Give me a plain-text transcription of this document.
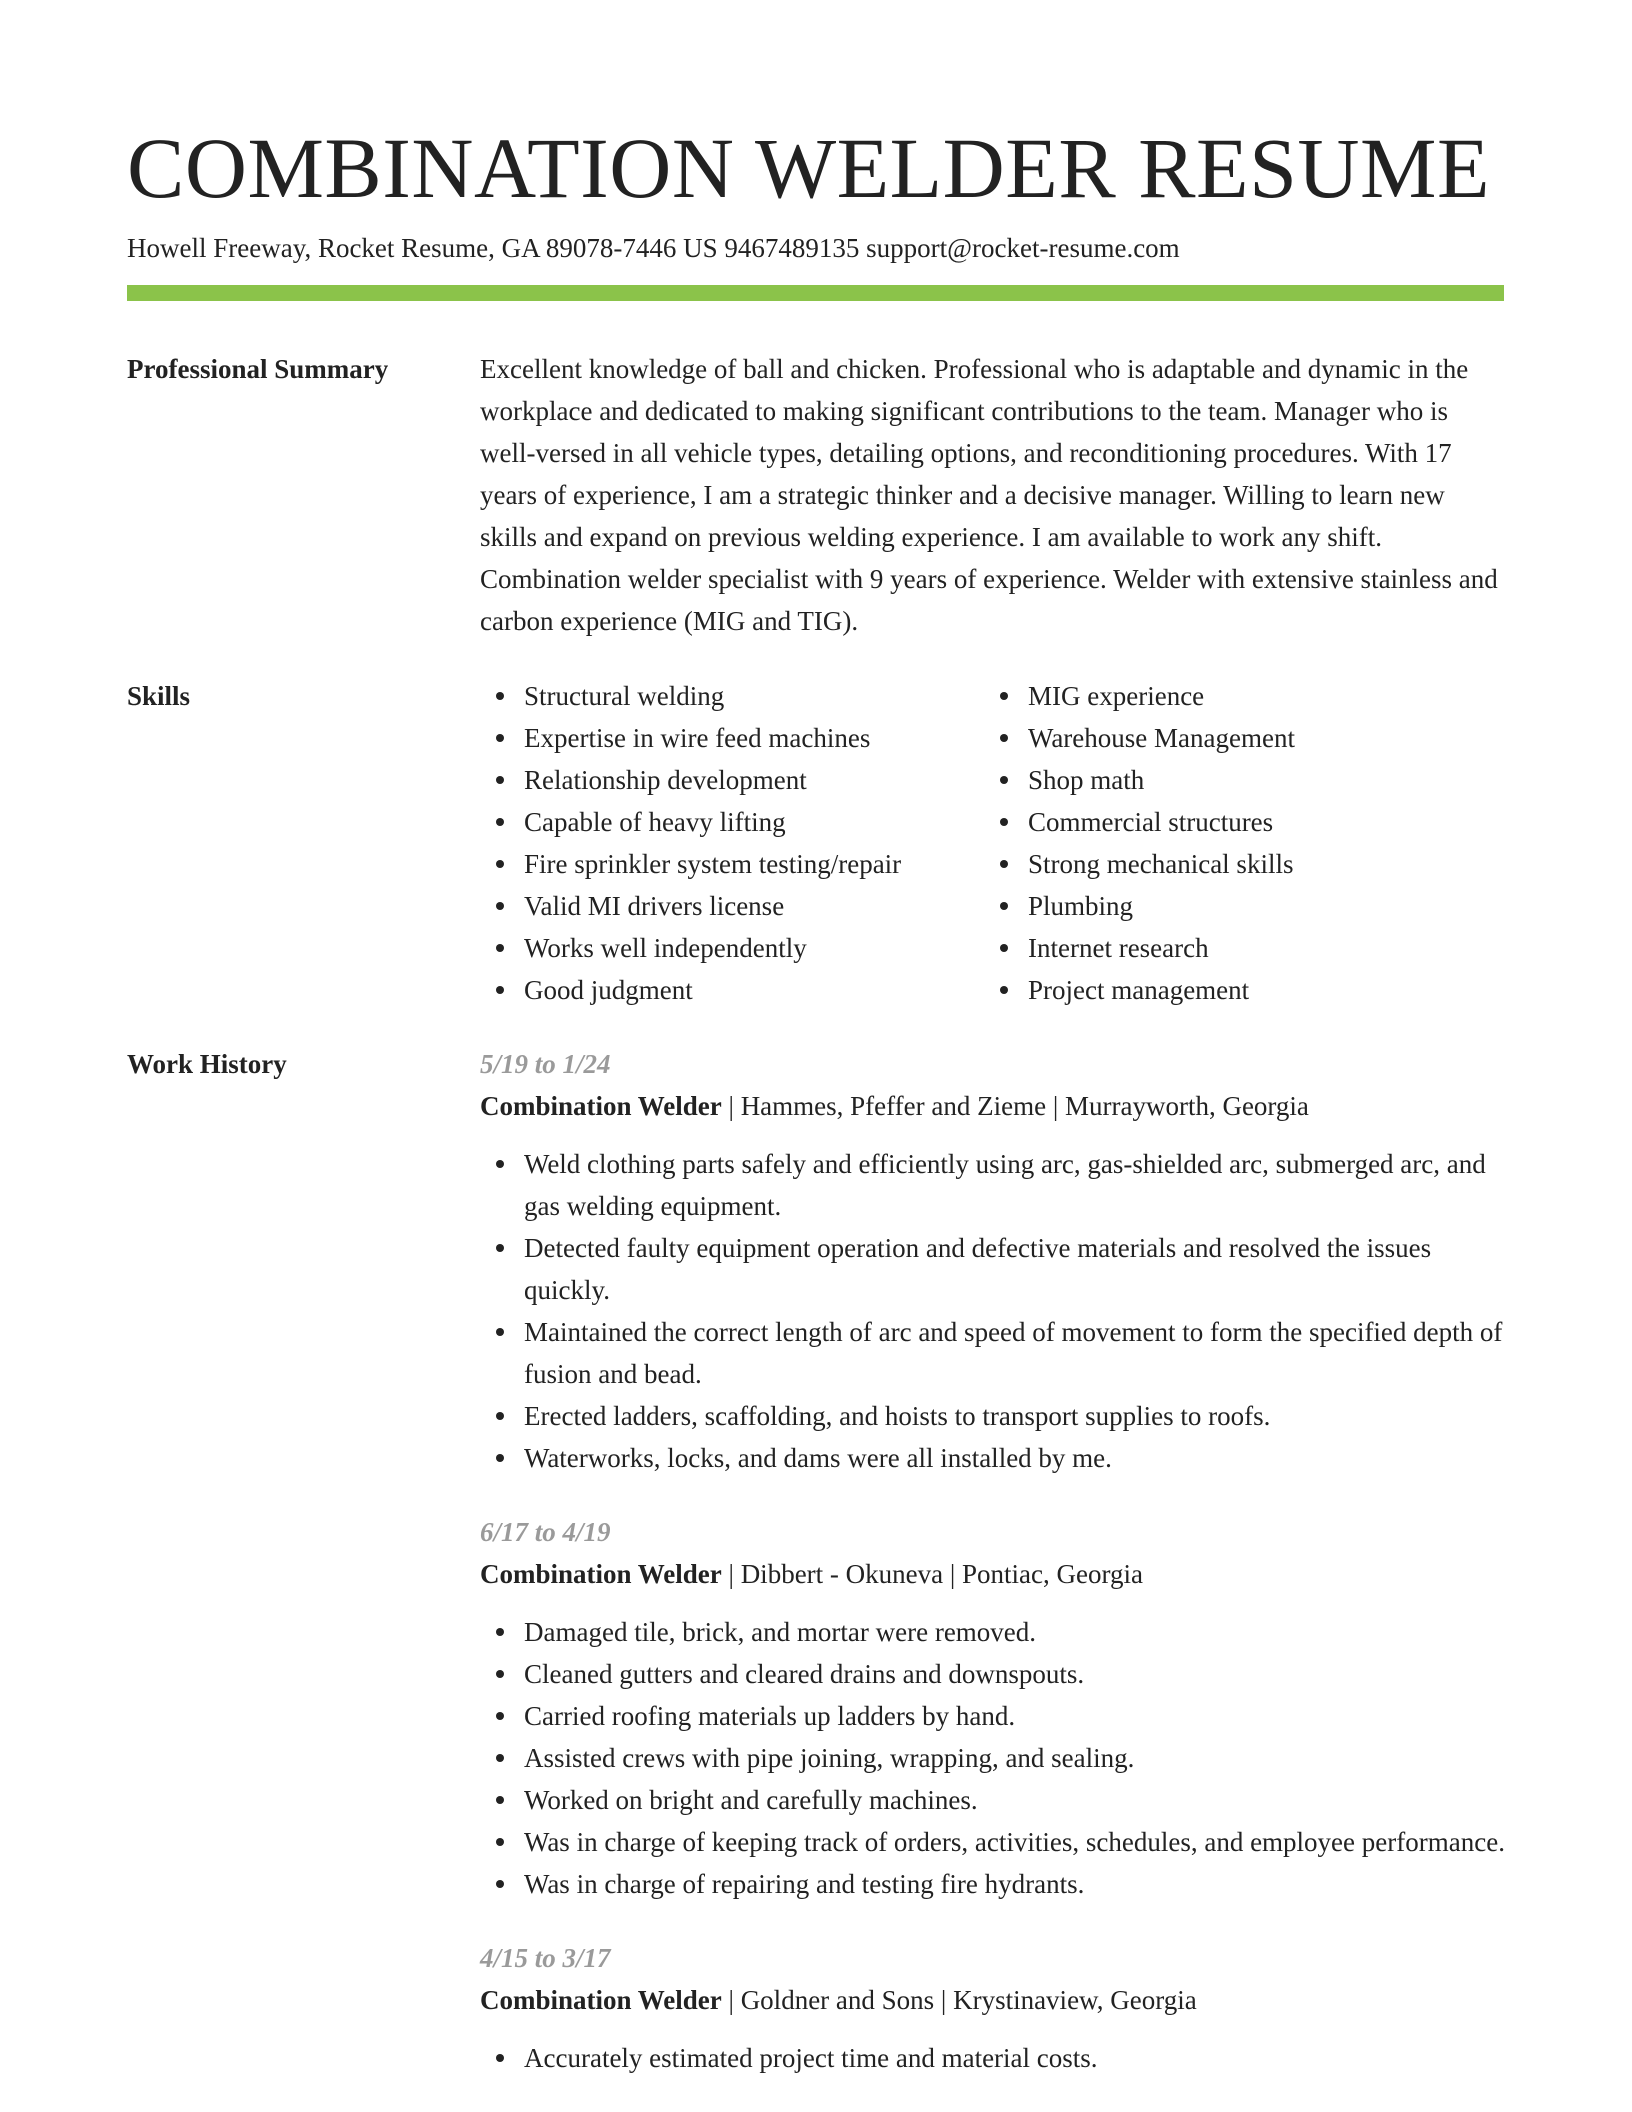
COMBINATION WELDER RESUME
Howell Freeway, Rocket Resume, GA 89078-7446 US 9467489135 support@rocket-resume.com
Professional Summary	Excellent knowledge of ball and chicken. Professional who is adaptable and dynamic in the workplace and dedicated to making significant contributions to the team. Manager who is well-versed in all vehicle types, detailing options, and reconditioning procedures. With 17 years of experience, I am a strategic thinker and a decisive manager. Willing to learn new skills and expand on previous welding experience. I am available to work any shift. Combination welder specialist with 9 years of experience. Welder with extensive stainless and carbon experience (MIG and TIG).

Skills	Structural welding
Expertise in wire feed machines
Relationship development
Capable of heavy lifting
Fire sprinkler system testing/repair
Valid MI drivers license
Works well independently
Good judgment
MIG experience
Warehouse Management
Shop math
Commercial structures
Strong mechanical skills
Plumbing
Internet research
Project management
Work History	5/19 to 1/24
Combination Welder | Hammes, Pfeffer and Zieme | Murrayworth, Georgia
Weld clothing parts safely and efficiently using arc, gas-shielded arc, submerged arc, and gas welding equipment.
Detected faulty equipment operation and defective materials and resolved the issues quickly.
Maintained the correct length of arc and speed of movement to form the specified depth of fusion and bead.
Erected ladders, scaffolding, and hoists to transport supplies to roofs.
Waterworks, locks, and dams were all installed by me.
6/17 to 4/19
Combination Welder | Dibbert - Okuneva | Pontiac, Georgia
Damaged tile, brick, and mortar were removed.
Cleaned gutters and cleared drains and downspouts.
Carried roofing materials up ladders by hand.
Assisted crews with pipe joining, wrapping, and sealing.
Worked on bright and carefully machines.
Was in charge of keeping track of orders, activities, schedules, and employee performance.
Was in charge of repairing and testing fire hydrants.
4/15 to 3/17
Combination Welder | Goldner and Sons | Krystinaview, Georgia
Accurately estimated project time and material costs.
